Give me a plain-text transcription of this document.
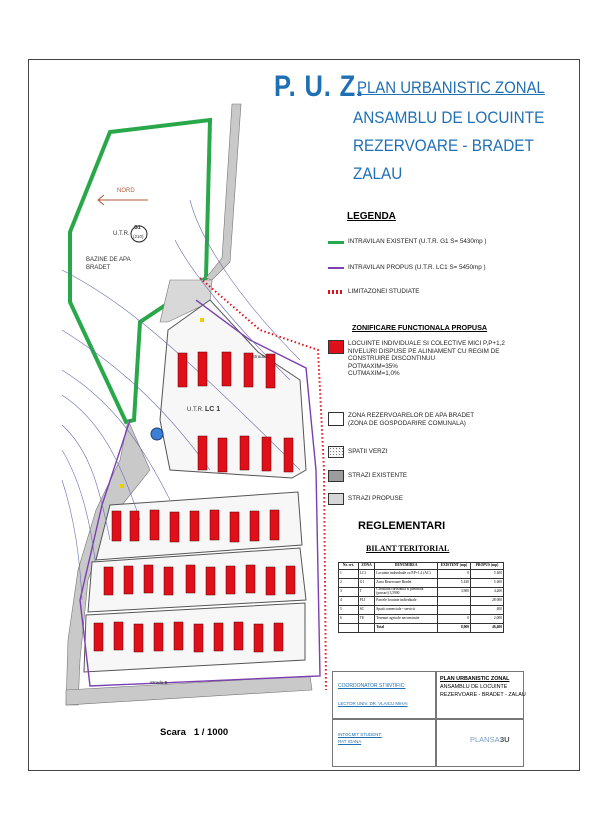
P. U. Z.
PLAN URBANISTIC ZONAL
ANSAMBLU DE LOCUINTE
REZERVOARE - BRADET
ZALAU
LEGENDA
INTRAVILAN EXISTENT (U.T.R. G1 S= 5430mp )
INTRAVILAN PROPUS (U.T.R. LC1 S= 5450mp )
LIMITAZONEI STUDIATE
ZONIFICARE FUNCTIONALA PROPUSA
LOCUINTE INDIVIDUALE SI COLECTIVE MICI P,P+1,2
NIVELURI DISPUSE PE ALINIAMENT CU REGIM DE
CONSTRUIRE DISCONTINUU
POTMAXIM=35%
CUTMAXIM=1,0%
ZONA REZERVOARELOR DE APA BRADET
(ZONA DE GOSPODARIRE COMUNALA)
SPATII VERZI
STRAZI EXISTENTE
STRAZI PROPUSE
REGLEMENTARI
BILANT TERITORIAL
Nr. crt.	ZONA	DENUMIREA	EXISTENT (mp)	PROPUS (mp)
1	LC1	Locuinte individuale cu P,P+1,2 (AC)	0	5 400
2	G1	Zona Rezervoare Bradet	5 430	5 400
3	T	Circulatia carosabila si pietonala (parcari) 3,5900	3,900	4,200
4	PLI	Parcele locuinte individuale		28 000
5	SC	Spatii comerciale - servicii		400
6	TE	Terenuri agricole neconstruite	0	2,000
		Total	8,900	46,400
COORDONATOR STIINTIFIC:
LECTOR UNIV. DR. VLAICU MIHAI
PLAN URBANISTIC ZONAL
ANSAMBLU DE LOCUINTE
REZERVOARE - BRADET - ZALAU
INTOCMIT STUDENT:
RAT IOANA	PLANSA:
3U
Scara 1 / 1000
NORD
U.T.R.
G1
(210)
BAZINE DE APA
BRADET
U.T.R. LC 1
Strada C
Strada B
